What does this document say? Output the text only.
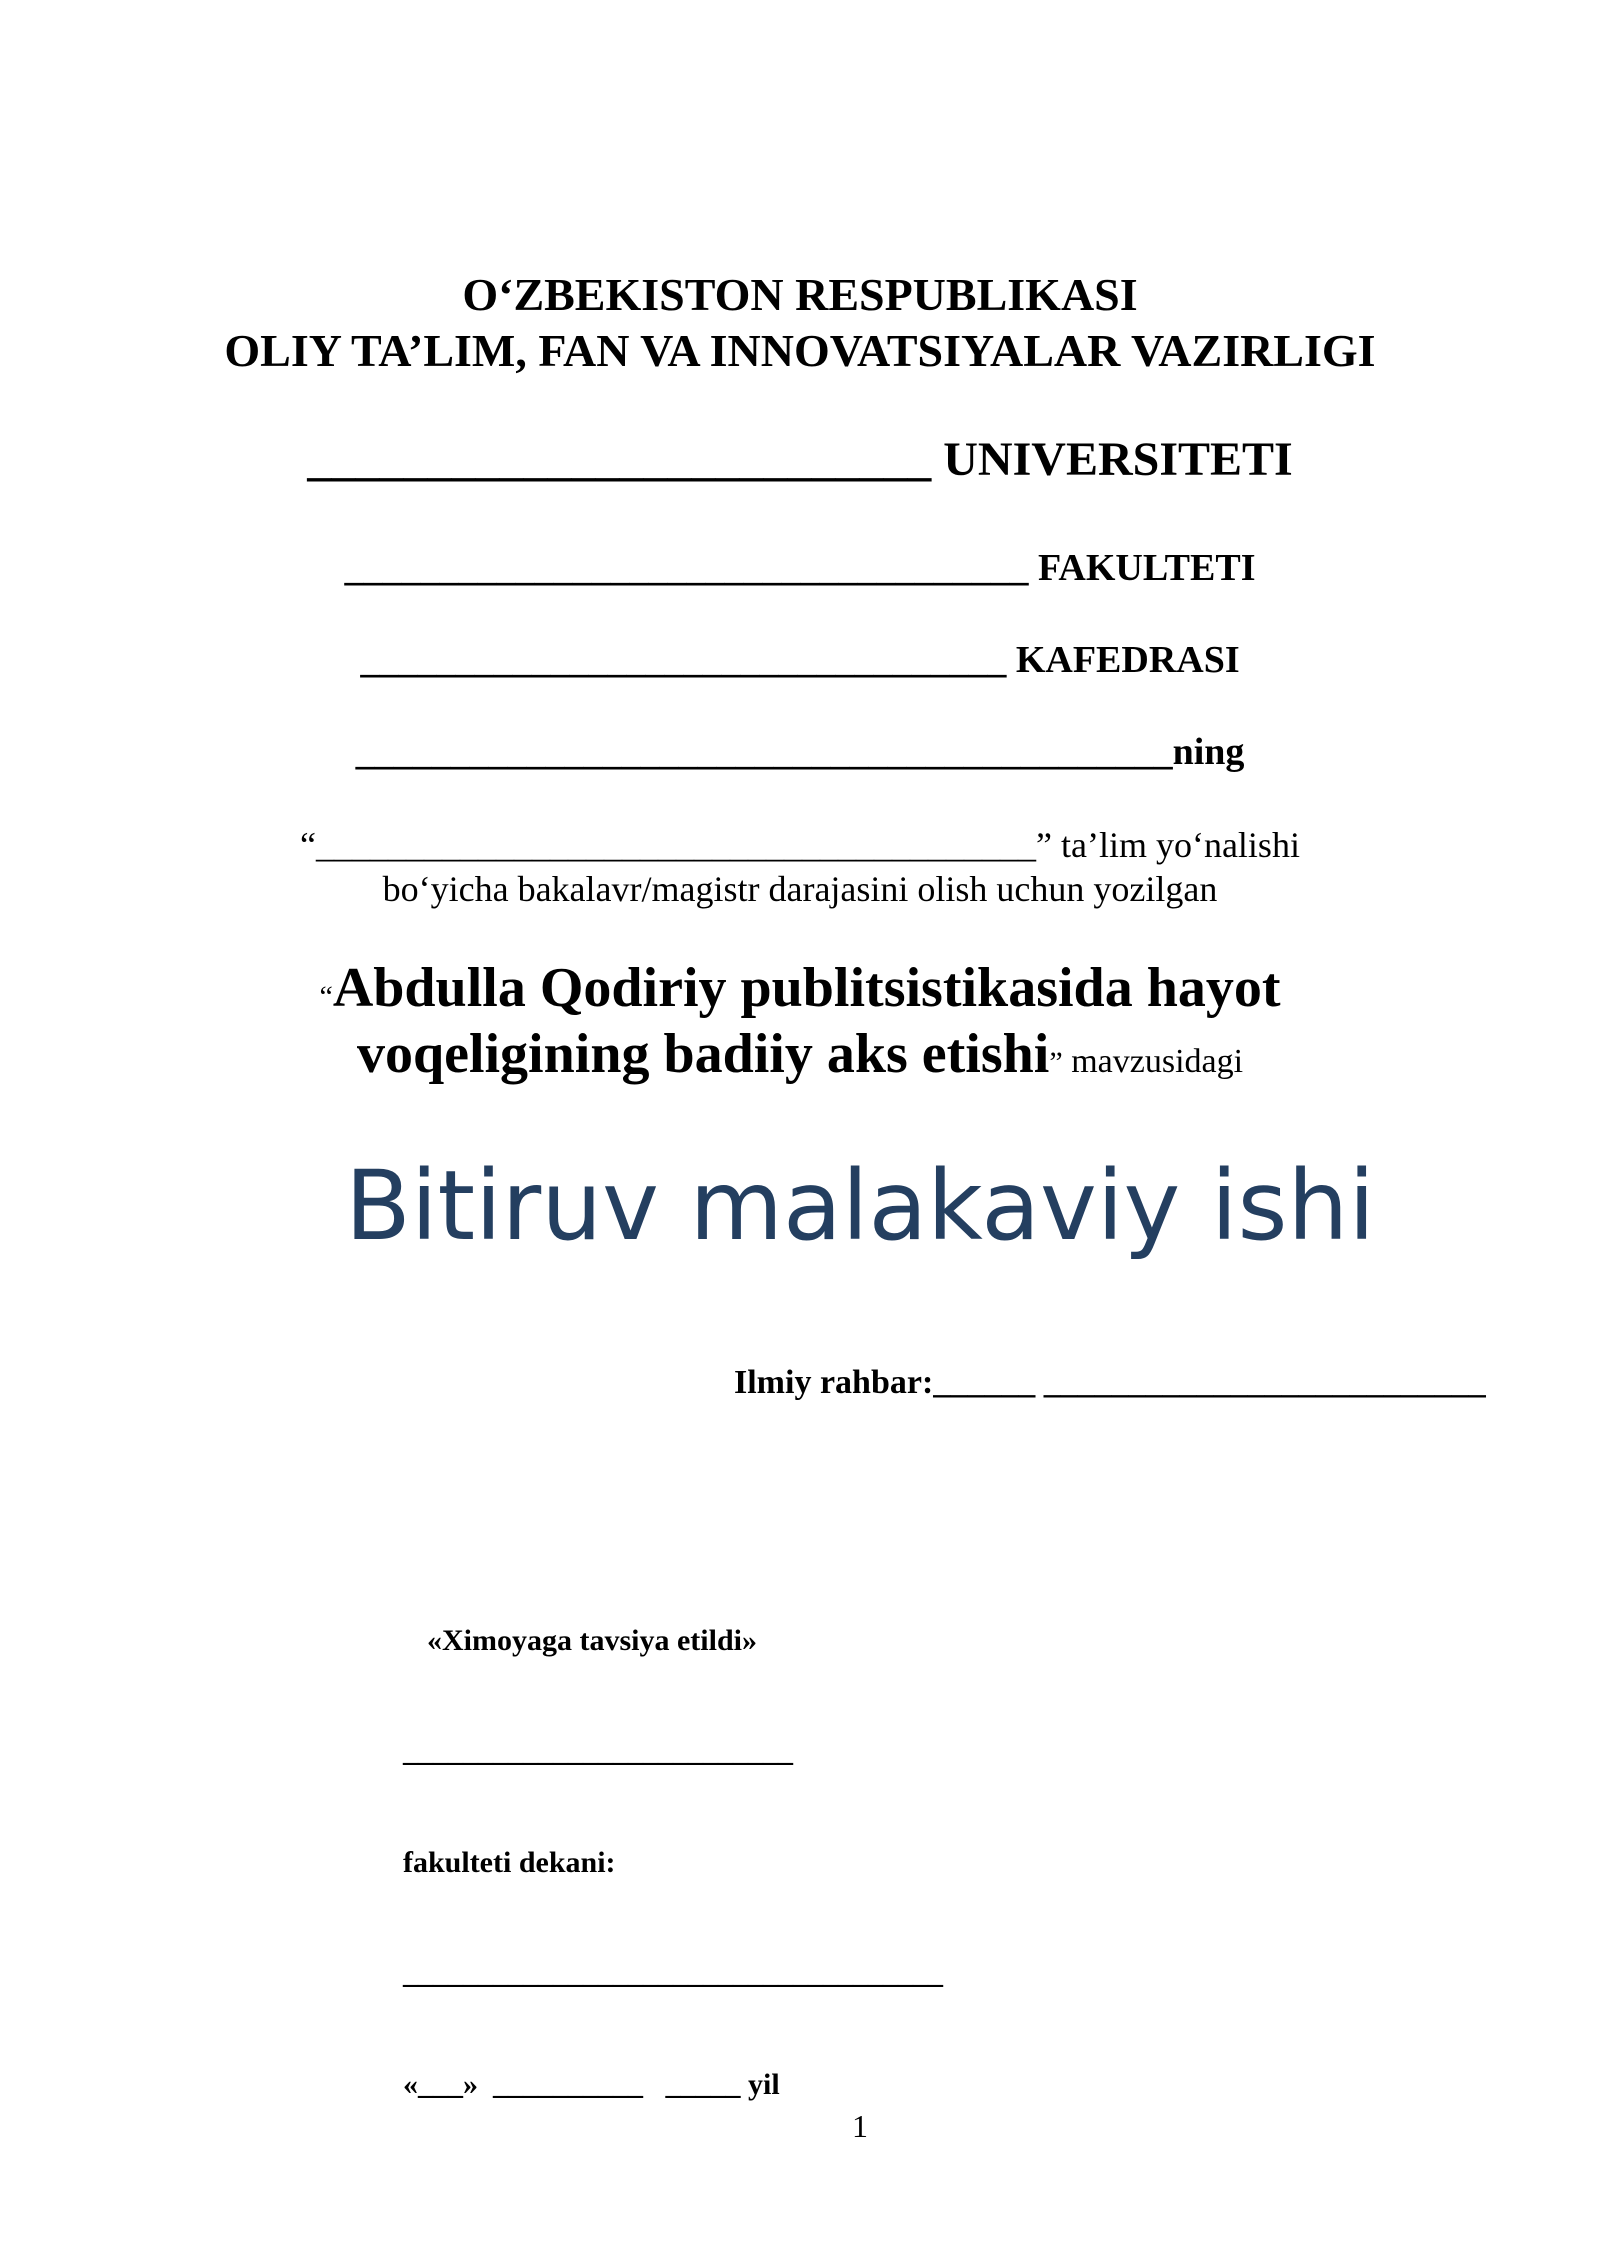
O‘ZBEKISTON RESPUBLIKASI
OLIY TA’LIM, FAN VA INNOVATSIYALAR VAZIRLIGI
__________________________ UNIVERSITETI
____________________________________ FAKULTETI
__________________________________ KAFEDRASI
___________________________________________ning
“________________________________________” ta’lim yo‘nalishi
bo‘yicha bakalavr/magistr darajasini olish uchun yozilgan
“Abdulla Qodiriy publitsistikasida hayot
voqeligining badiiy aks etishi” mavzusidagi
Bitiruv malakaviy ishi
Ilmiy rahbar:______ __________________________

«Ximoyaga tavsiya etildi»

__________________________

fakulteti dekani:

____________________________________

«___»  __________   _____ yil

1
